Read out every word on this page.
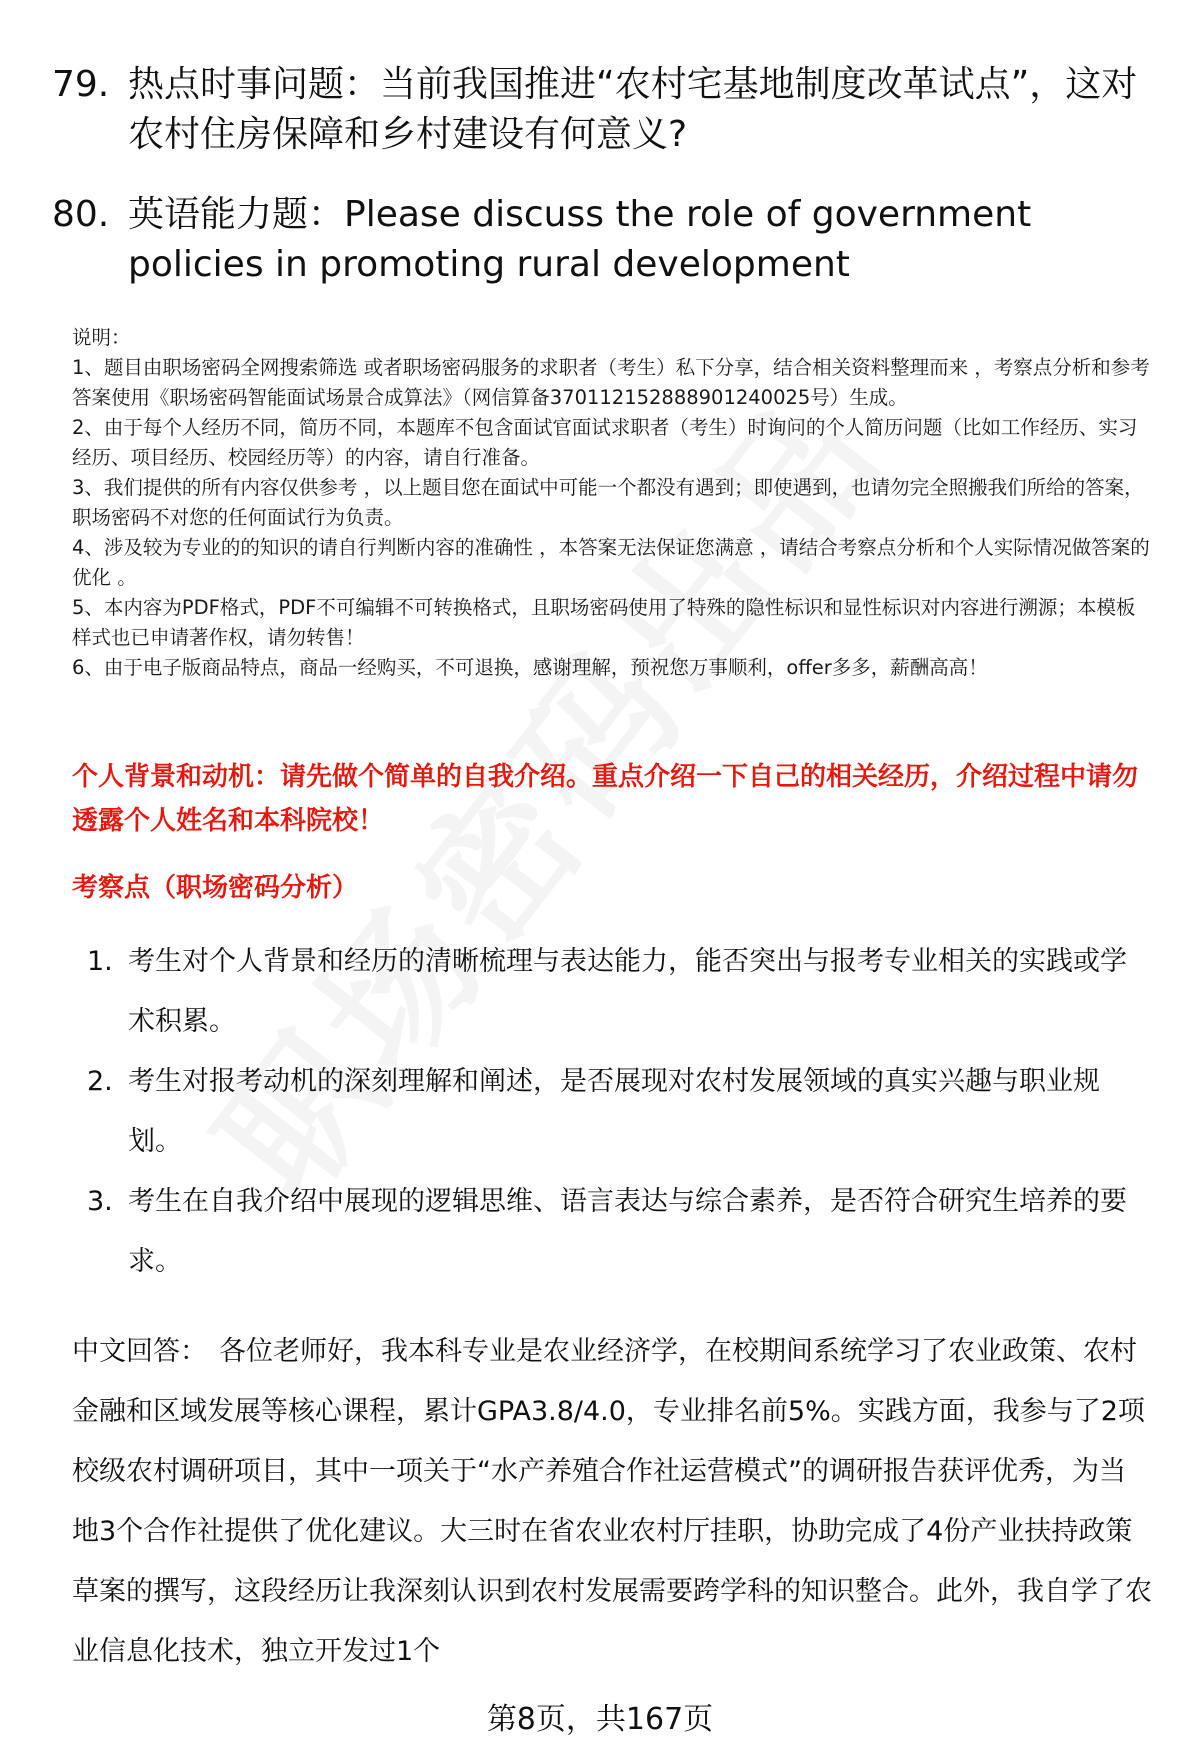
79. 热点时事问题：当前我国推进“农村宅基地制度改革试点”，这对农村住房保障和乡村建设有何意义?
80. 英语能力题：Please discuss the role of government policies in promoting rural development

说明：

1、题目由职场密码全网搜索筛选 或者职场密码服务的求职者（考生）私下分享，结合相关资料整理而来 ，考察点分析和参考答案使用《职场密码智能面试场景合成算法》（网信算备370112152888901240025号）生成。

2、由于每个人经历不同，简历不同，本题库不包含面试官面试求职者（考生）时询问的个人简历问题（比如工作经历、实习经历、项目经历、校园经历等）的内容，请自行准备。

3、我们提供的所有内容仅供参考 ，以上题目您在面试中可能一个都没有遇到；即使遇到，也请勿完全照搬我们所给的答案，职场密码不对您的任何面试行为负责。

4、涉及较为专业的的知识的请自行判断内容的准确性 ，本答案无法保证您满意 ，请结合考察点分析和个人实际情况做答案的优化 。

5、本内容为PDF格式，PDF不可编辑不可转换格式，且职场密码使用了特殊的隐性标识和显性标识对内容进行溯源；本模板样式也已申请著作权，请勿转售！

6、由于电子版商品特点，商品一经购买，不可退换，感谢理解，预祝您万事顺利，offer多多，薪酬高高！

个人背景和动机：请先做个简单的自我介绍。重点介绍一下自己的相关经历，介绍过程中请勿透露个人姓名和本科院校！
考察点（职场密码分析）
1. 考生对个人背景和经历的清晰梳理与表达能力，能否突出与报考专业相关的实践或学术积累。
2. 考生对报考动机的深刻理解和阐述，是否展现对农村发展领域的真实兴趣与职业规划。
3. 考生在自我介绍中展现的逻辑思维、语言表达与综合素养，是否符合研究生培养的要求。
中文回答： 各位老师好，我本科专业是农业经济学，在校期间系统学习了农业政策、农村金融和区域发展等核心课程，累计GPA3.8/4.0，专业排名前5%。实践方面，我参与了2项校级农村调研项目，其中一项关于“水产养殖合作社运营模式”的调研报告获评优秀，为当地3个合作社提供了优化建议。大三时在省农业农村厅挂职，协助完成了4份产业扶持政策草案的撰写，这段经历让我深刻认识到农村发展需要跨学科的知识整合。此外，我自学了农业信息化技术，独立开发过1个
第8页，共167页
